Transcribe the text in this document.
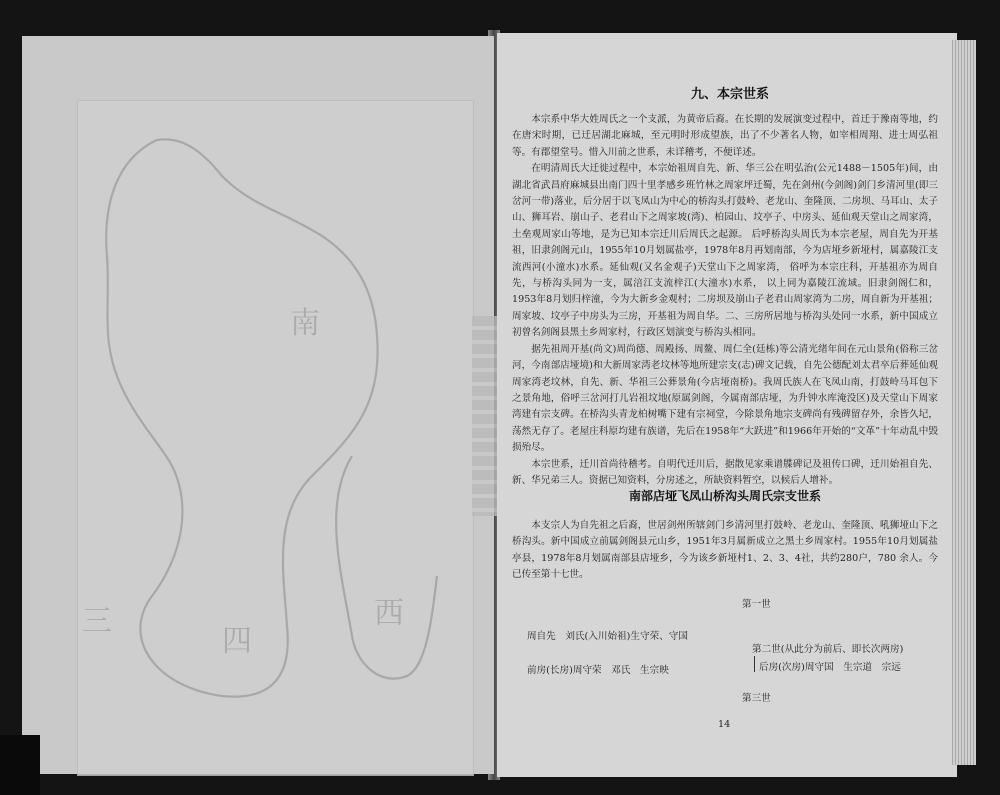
南
西
四
三
九、本宗世系

本宗系中华大姓周氏之一个支派，为黄帝后裔。在长期的发展演变过程中，首迁于豫南等地，约在唐宋时期，已迁居湖北麻城，至元明时形成望族，出了不少著名人物，如宰相周翔、进士周弘祖等。有郡望堂号。惜入川前之世系，未详稽考，不便详述。

在明清周氏大迁徙过程中，本宗始祖周自先、新、华三公在明弘治(公元1488－1505年)间，由湖北省武昌府麻城县出南门四十里孝感乡班竹林之周家坪迁蜀，先在剑州(今剑阁)剑门乡清河里(即三岔河一带)落业，后分居于以飞凤山为中心的桥沟头打鼓岭、老龙山、奎隆顶、二房坝、马耳山、太子山、狮耳岩、崩山子、老君山下之周家坡(湾)、柏园山、坟亭子、中房头、延仙观天堂山之周家湾，土垒观周家山等地，是为已知本宗迁川后周氏之起源。 后呼桥沟头周氏为本宗老屋，周自先为开基祖，旧隶剑阁元山，1955年10月划属盐亭，1978年8月再划南部，今为店垭乡新垭村，属嘉陵江支流西河(小潼水)水系。延仙观(又名金观子)天堂山下之周家湾， 俗呼为本宗庄科，开基祖亦为周自先，与桥沟头同为一支，属涪江支流梓江(大潼水)水系， 以上同为嘉陵江流域。旧隶剑阁仁和，1953年8月划归梓潼，今为大新乡金观村；二房坝及崩山子老君山周家湾为二房，周自新为开基祖；周家坡、坟亭子中房头为三房，开基祖为周自华。二、三房所居地与桥沟头处同一水系，新中国成立初曾名剑阁县黑土乡周家村，行政区划演变与桥沟头相同。

据先祖周开基(尚文)周尚德、周殿扬、周鳌、周仁全(廷栋)等公清光绪年间在元山景角(俗称三岔河，今南部店垭境)和大新周家湾老坟林等地所建宗支(志)碑文记载，自先公德配刘太君卒后葬延仙观周家湾老坟林，自先、新、华祖三公葬景角(今店垭南桥)。我周氏族人在飞凤山南，打鼓岭马耳包下之景角地，俗呼三岔河打儿岩祖坟地(原属剑阁，今属南部店垭，为升钟水库淹没区)及天堂山下周家湾建有宗支碑。在桥沟头青龙柏树嘴下建有宗祠堂，今除景角地宗支碑尚有残碑留存外，余皆久圮，荡然无存了。老屋庄科原均建有族谱，先后在1958年“大跃进”和1966年开始的“文革”十年动乱中毁损殆尽。

本宗世系，迁川首尚待稽考。自明代迁川后，据散见家乘谱牒碑记及祖传口碑，迁川始祖自先、新、华兄弟三人。资据已知资料，分房述之，所缺资料暂空，以候后人增补。

南部店垭飞凤山桥沟头周氏宗支世系

本支宗人为自先祖之后裔，世居剑州所辖剑门乡清河里打鼓岭、老龙山、奎隆顶、吼狮垭山下之桥沟头。新中国成立前属剑阁县元山乡，1951年3月属新成立之黑土乡周家村。1955年10月划属盐亭县，1978年8月划属南部县店垭乡，今为该乡新垭村1、2、3、4社，共约280户，780 余人。今已传至第十七世。

第一世
周自先　刘氏(入川始祖)生守荣、守国
第二世(从此分为前后、即长次两房)
后房(次房)周守国　生宗道　宗远
前房(长房)周守荣　邓氏　生宗映
第三世
14
